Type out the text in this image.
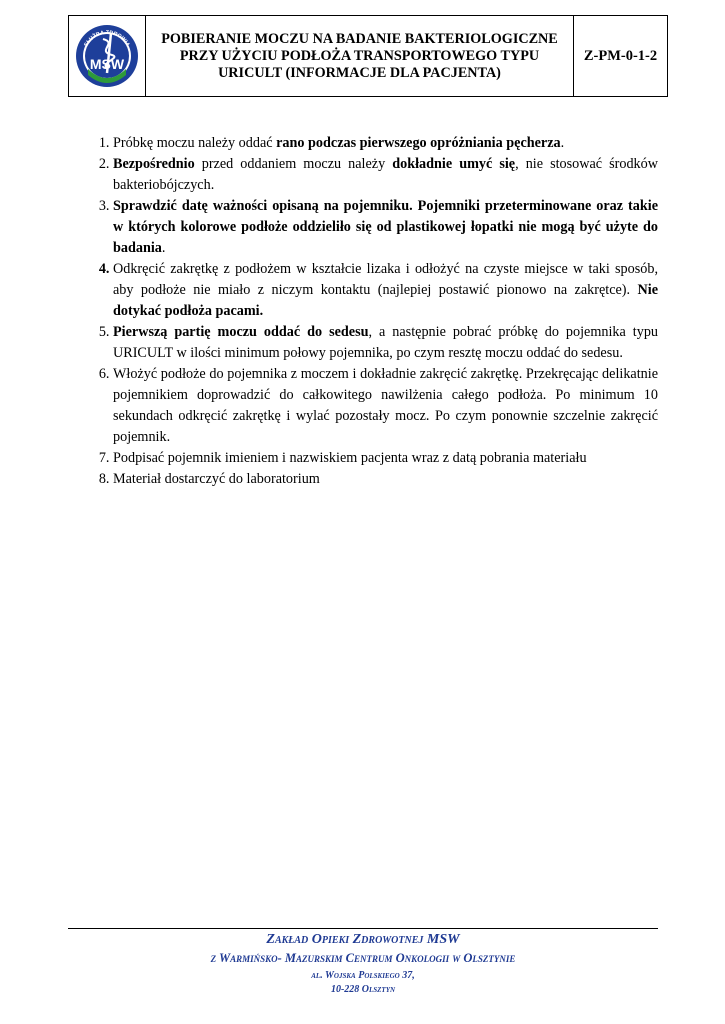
SŁUŻBA ZDROWIA
MSW
POBIERANIE MOCZU NA BADANIE BAKTERIOLOGICZNE
PRZY UŻYCIU PODŁOŻA TRANSPORTOWEGO TYPU
URICULT (INFORMACJE DLA PACJENTA)
Z-PM-0-1-2
1. Próbkę moczu należy oddać rano podczas pierwszego opróżniania pęcherza.
2. Bezpośrednio przed oddaniem moczu należy dokładnie umyć się, nie stosować środków bakteriobójczych.
3. Sprawdzić datę ważności opisaną na pojemniku. Pojemniki przeterminowane oraz takie w których kolorowe podłoże oddzieliło się od plastikowej łopatki nie mogą być użyte do badania.
4. Odkręcić zakrętkę z podłożem w kształcie lizaka i odłożyć na czyste miejsce w taki sposób, aby podłoże nie miało z niczym kontaktu (najlepiej postawić pionowo na zakrętce). Nie dotykać podłoża pacami.
5. Pierwszą partię moczu oddać do sedesu, a następnie pobrać próbkę do pojemnika typu URICULT w ilości minimum połowy pojemnika, po czym resztę moczu oddać do sedesu.
6. Włożyć podłoże do pojemnika z moczem i dokładnie zakręcić zakrętkę. Przekręcając delikatnie pojemnikiem doprowadzić do całkowitego nawilżenia całego podłoża. Po minimum 10 sekundach odkręcić zakrętkę i wylać pozostały mocz. Po czym ponownie szczelnie zakręcić pojemnik.
7. Podpisać pojemnik imieniem i nazwiskiem pacjenta wraz z datą pobrania materiału
8. Materiał dostarczyć do laboratorium
Zakład Opieki Zdrowotnej MSW
z Warmińsko- Mazurskim Centrum Onkologii w Olsztynie
al. Wojska Polskiego 37,
10-228 Olsztyn
